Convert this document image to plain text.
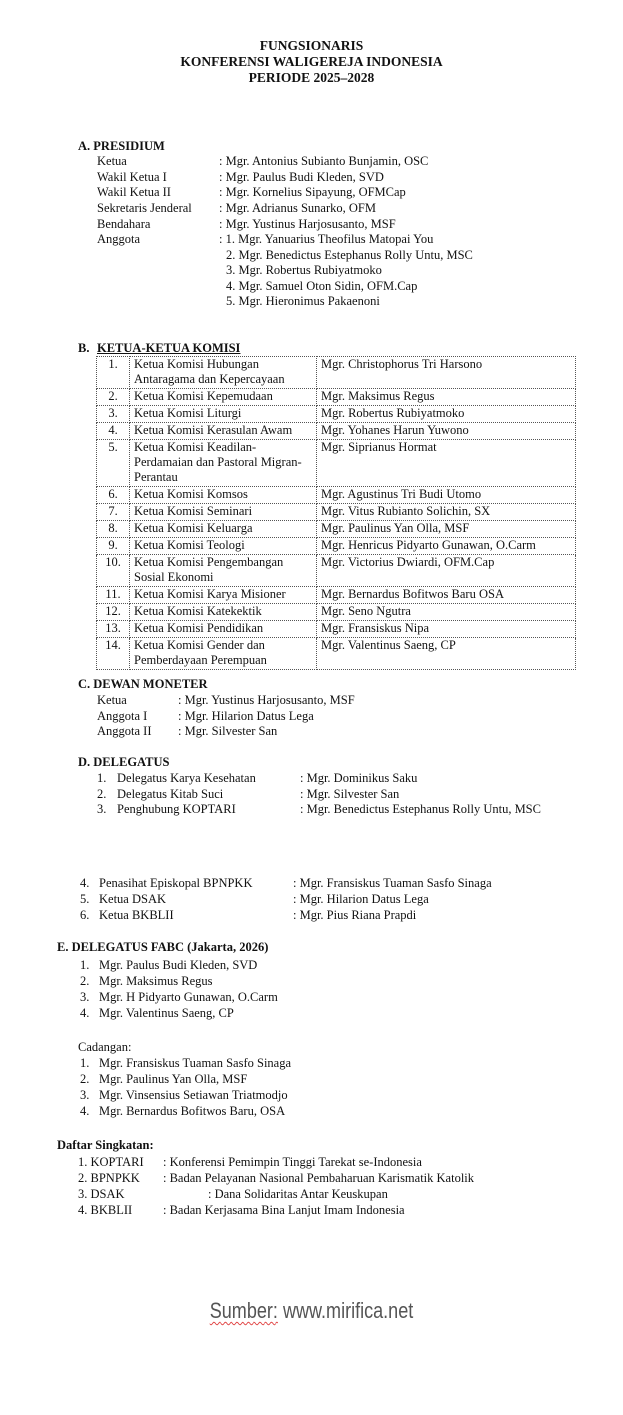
FUNGSIONARIS
KONFERENSI WALIGEREJA INDONESIA
PERIODE 2025–2028
A. PRESIDIUM
Ketua	: Mgr. Antonius Subianto Bunjamin, OSC
Wakil Ketua I	: Mgr. Paulus Budi Kleden, SVD
Wakil Ketua II	: Mgr. Kornelius Sipayung, OFMCap
Sekretaris Jenderal : Mgr. Adrianus Sunarko, OFM
Bendahara	: Mgr. Yustinus Harjosusanto, MSF
Anggota	: 1. Mgr. Yanuarius Theofilus Matopai You
2. Mgr. Benedictus Estephanus Rolly Untu, MSC
3. Mgr. Robertus Rubiyatmoko
4. Mgr. Samuel Oton Sidin, OFM.Cap
5. Mgr. Hieronimus Pakaenoni
B. KETUA-KETUA KOMISI
1.	Ketua Komisi Hubungan Antaragama dan Kepercayaan	Mgr. Christophorus Tri Harsono
2.	Ketua Komisi Kepemudaan	Mgr. Maksimus Regus
3.	Ketua Komisi Liturgi	Mgr. Robertus Rubiyatmoko
4.	Ketua Komisi Kerasulan Awam	Mgr. Yohanes Harun Yuwono
5.	Ketua Komisi Keadilan-Perdamaian dan Pastoral Migran-Perantau	Mgr. Siprianus Hormat
6.	Ketua Komisi Komsos	Mgr. Agustinus Tri Budi Utomo
7.	Ketua Komisi Seminari	Mgr. Vitus Rubianto Solichin, SX
8.	Ketua Komisi Keluarga	Mgr. Paulinus Yan Olla, MSF
9.	Ketua Komisi Teologi	Mgr. Henricus Pidyarto Gunawan, O.Carm
10.	Ketua Komisi Pengembangan Sosial Ekonomi	Mgr. Victorius Dwiardi, OFM.Cap
11.	Ketua Komisi Karya Misioner	Mgr. Bernardus Bofitwos Baru OSA
12.	Ketua Komisi Katekektik	Mgr. Seno Ngutra
13.	Ketua Komisi Pendidikan	Mgr. Fransiskus Nipa
14.	Ketua Komisi Gender dan Pemberdayaan Perempuan	Mgr. Valentinus Saeng, CP
C. DEWAN MONETER
Ketua	: Mgr. Yustinus Harjosusanto, MSF
Anggota I : Mgr. Hilarion Datus Lega
Anggota II : Mgr. Silvester San
D. DELEGATUS
1. Delegatus Karya Kesehatan	: Mgr. Dominikus Saku
2. Delegatus Kitab Suci	: Mgr. Silvester San
3. Penghubung KOPTARI	: Mgr. Benedictus Estephanus Rolly Untu, MSC
4. Penasihat Episkopal BPNPKK	: Mgr. Fransiskus Tuaman Sasfo Sinaga
5. Ketua DSAK	: Mgr. Hilarion Datus Lega
6. Ketua BKBLII	: Mgr. Pius Riana Prapdi
E. DELEGATUS FABC (Jakarta, 2026)
1. Mgr. Paulus Budi Kleden, SVD
2. Mgr. Maksimus Regus
3. Mgr. H Pidyarto Gunawan, O.Carm
4. Mgr. Valentinus Saeng, CP
Cadangan:
1. Mgr. Fransiskus Tuaman Sasfo Sinaga
2. Mgr. Paulinus Yan Olla, MSF
3. Mgr. Vinsensius Setiawan Triatmodjo
4. Mgr. Bernardus Bofitwos Baru, OSA
Daftar Singkatan:
1. KOPTARI : Konferensi Pemimpin Tinggi Tarekat se-Indonesia
2. BPNPKK : Badan Pelayanan Nasional Pembaharuan Karismatik Katolik
3. DSAK	: Dana Solidaritas Antar Keuskupan
4. BKBLII : Badan Kerjasama Bina Lanjut Imam Indonesia
Sumber: www.mirifica.net
